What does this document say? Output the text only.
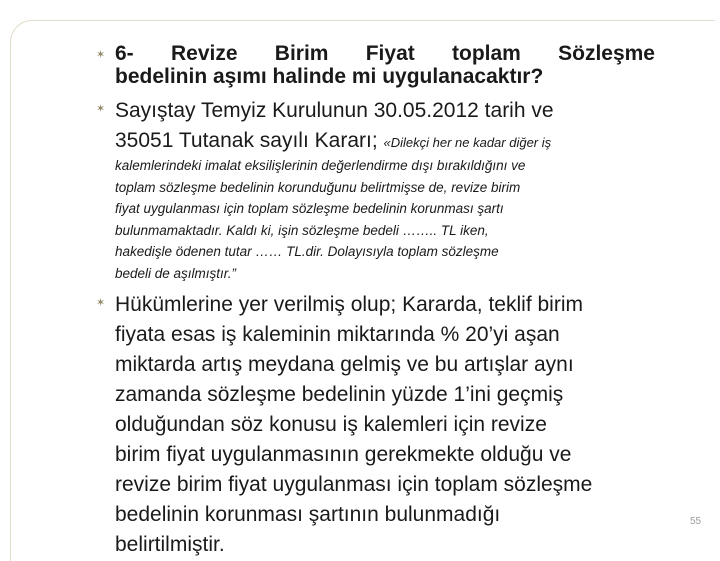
✶ 6- Revize Birim Fiyat toplam Sözleşme
bedelinin aşımı halinde mi uygulanacaktır?
✶ Sayıştay Temyiz Kurulunun 30.05.2012 tarih ve
35051 Tutanak sayılı Kararı; «Dilekçi her ne kadar diğer iş
kalemlerindeki imalat eksilişlerinin değerlendirme dışı bırakıldığını ve
toplam sözleşme bedelinin korunduğunu belirtmişse de, revize birim
fiyat uygulanması için toplam sözleşme bedelinin korunması şartı
bulunmamaktadır. Kaldı ki, işin sözleşme bedeli …….. TL iken,
hakedişle ödenen tutar …… TL.dir. Dolayısıyla toplam sözleşme
bedeli de aşılmıştır.”
✶ Hükümlerine yer verilmiş olup; Kararda, teklif birim
fiyata esas iş kaleminin miktarında % 20’yi aşan
miktarda artış meydana gelmiş ve bu artışlar aynı
zamanda sözleşme bedelinin yüzde 1’ini geçmiş
olduğundan söz konusu iş kalemleri için revize
birim fiyat uygulanmasının gerekmekte olduğu ve
revize birim fiyat uygulanması için toplam sözleşme
bedelinin korunması şartının bulunmadığı
belirtilmiştir.
55
